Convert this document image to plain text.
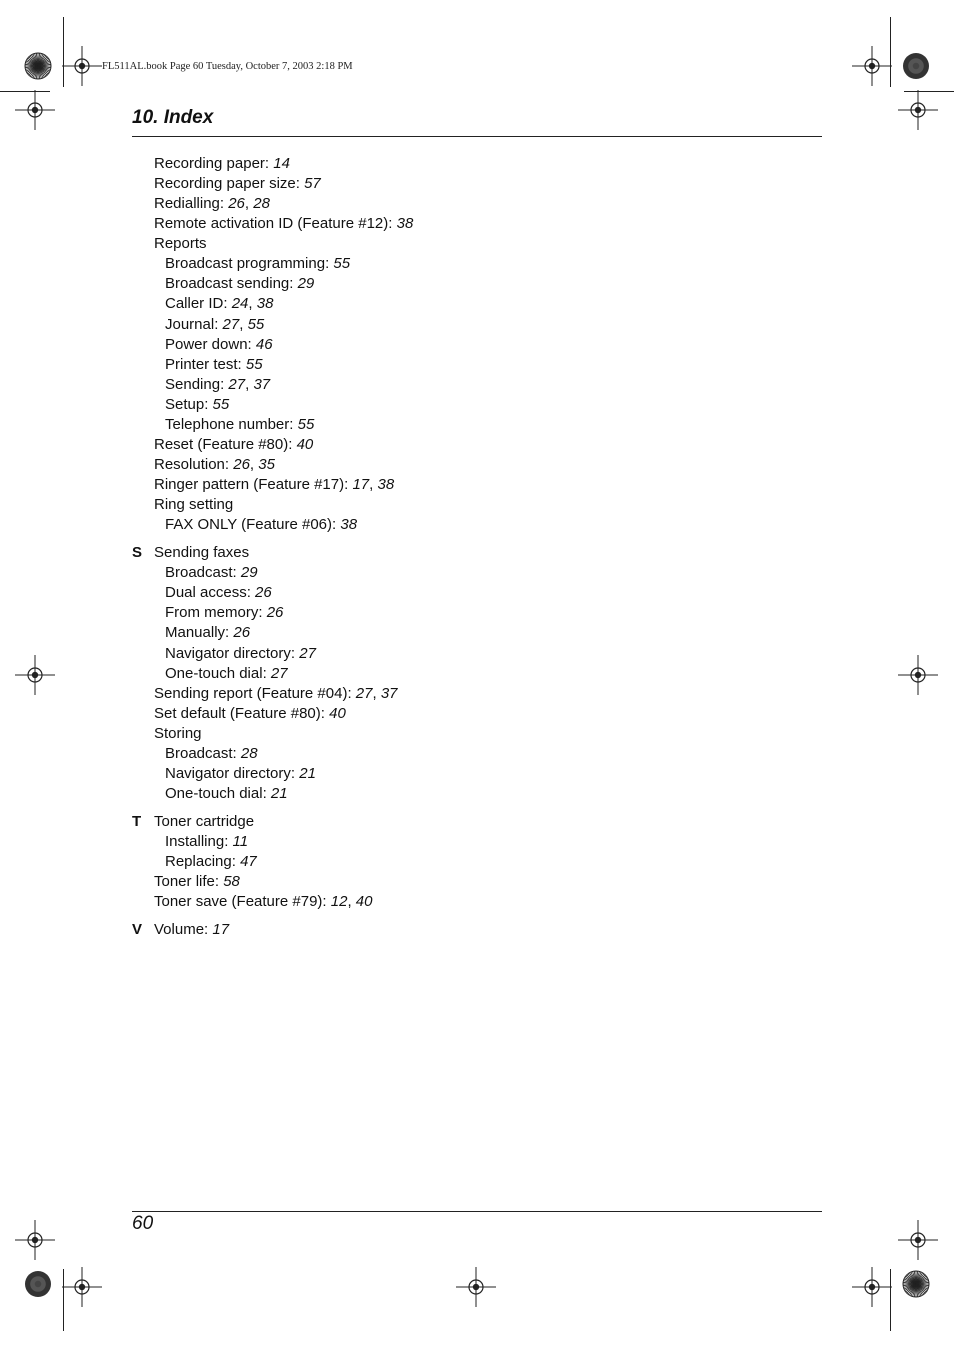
FL511AL.book Page 60 Tuesday, October 7, 2003 2:18 PM
10. Index
Recording paper: 14
Recording paper size: 57
Redialling: 26, 28
Remote activation ID (Feature #12): 38
Reports
Broadcast programming: 55
Broadcast sending: 29
Caller ID: 24, 38
Journal: 27, 55
Power down: 46
Printer test: 55
Sending: 27, 37
Setup: 55
Telephone number: 55
Reset (Feature #80): 40
Resolution: 26, 35
Ringer pattern (Feature #17): 17, 38
Ring setting
FAX ONLY (Feature #06): 38
S Sending faxes
Broadcast: 29
Dual access: 26
From memory: 26
Manually: 26
Navigator directory: 27
One-touch dial: 27
Sending report (Feature #04): 27, 37
Set default (Feature #80): 40
Storing
Broadcast: 28
Navigator directory: 21
One-touch dial: 21
T Toner cartridge
Installing: 11
Replacing: 47
Toner life: 58
Toner save (Feature #79): 12, 40
V Volume: 17
60
